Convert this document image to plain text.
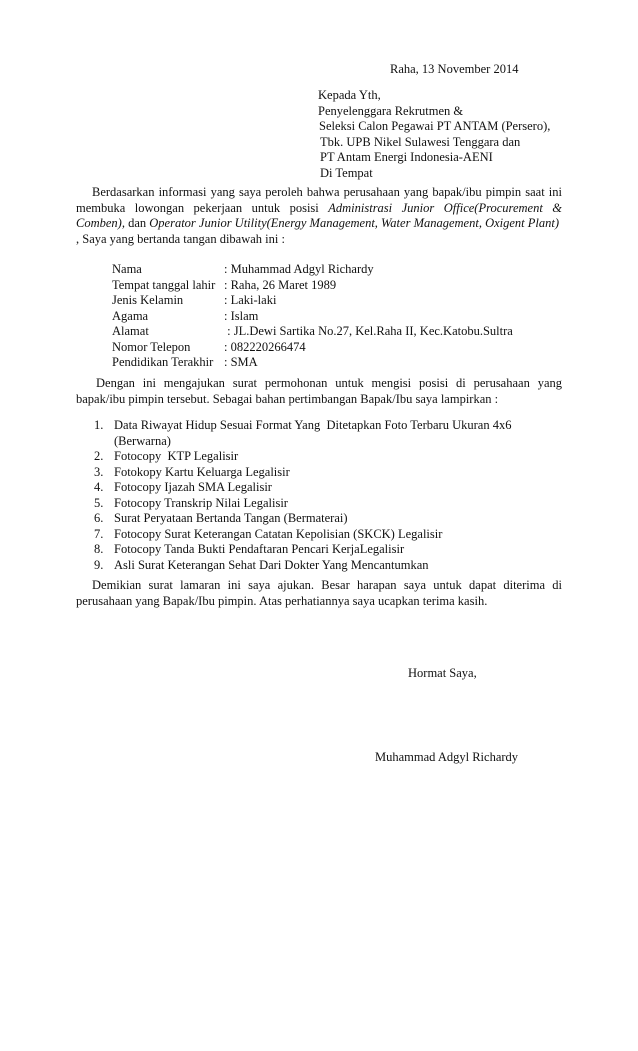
Raha, 13 November 2014
Kepada Yth,
Penyelenggara Rekrutmen &
Seleksi Calon Pegawai PT ANTAM (Persero),
Tbk. UPB Nikel Sulawesi Tenggara dan
PT Antam Energi Indonesia-AENI
Di Tempat
Berdasarkan informasi yang saya peroleh bahwa perusahaan yang bapak/ibu pimpin saat ini membuka lowongan pekerjaan untuk posisi Administrasi Junior Office(Procurement & Comben), dan Operator Junior Utility(Energy Management, Water Management, Oxigent Plant)
, Saya yang bertanda tangan dibawah ini :
Nama	: Muhammad Adgyl Richardy
Tempat tanggal lahir : Raha, 26 Maret 1989
Jenis Kelamin	: Laki-laki
Agama	: Islam
Alamat	: JL.Dewi Sartika No.27, Kel.Raha II, Kec.Katobu.Sultra
Nomor Telepon	: 082220266474
Pendidikan Terakhir : SMA
Dengan ini mengajukan surat permohonan untuk mengisi posisi di perusahaan yang bapak/ibu pimpin tersebut. Sebagai bahan pertimbangan Bapak/Ibu saya lampirkan :
1. Data Riwayat Hidup Sesuai Format Yang  Ditetapkan Foto Terbaru Ukuran 4x6 (Berwarna)
2. Fotocopy  KTP Legalisir
3. Fotokopy Kartu Keluarga Legalisir
4. Fotocopy Ijazah SMA Legalisir
5. Fotocopy Transkrip Nilai Legalisir
6. Surat Peryataan Bertanda Tangan (Bermaterai)
7. Fotocopy Surat Keterangan Catatan Kepolisian (SKCK) Legalisir
8. Fotocopy Tanda Bukti Pendaftaran Pencari KerjaLegalisir
9. Asli Surat Keterangan Sehat Dari Dokter Yang Mencantumkan
Demikian surat lamaran ini saya ajukan. Besar harapan saya untuk dapat diterima di perusahaan yang Bapak/Ibu pimpin. Atas perhatiannya saya ucapkan terima kasih.
Hormat Saya,
Muhammad Adgyl Richardy
